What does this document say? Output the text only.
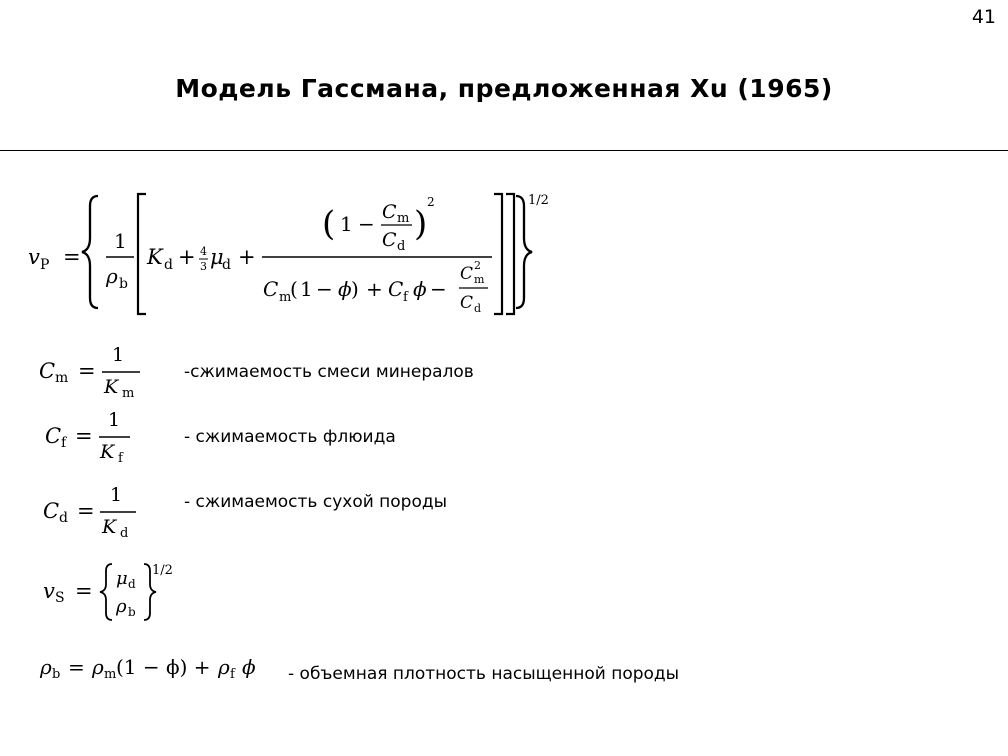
41
Модель Гассмана, предложенная Xu (1965)
v P =
1
ρ b
K d + 4
3 μ
d +
( 1 − C m
C d
)
2
C m
( 1 − ϕ ) + C f ϕ −
C 2
m
C d
1/2
C m =
1
K m
-сжимаемость смеси минералов
C f =
1
K f
- сжимаемость флюида
C d =
1
K d
- сжимаемость сухой породы
v S =
μ d
ρ b
1/2
ρ b = ρ m (1 − ϕ) + ρ f ϕ - объемная плотность насыщенной породы
